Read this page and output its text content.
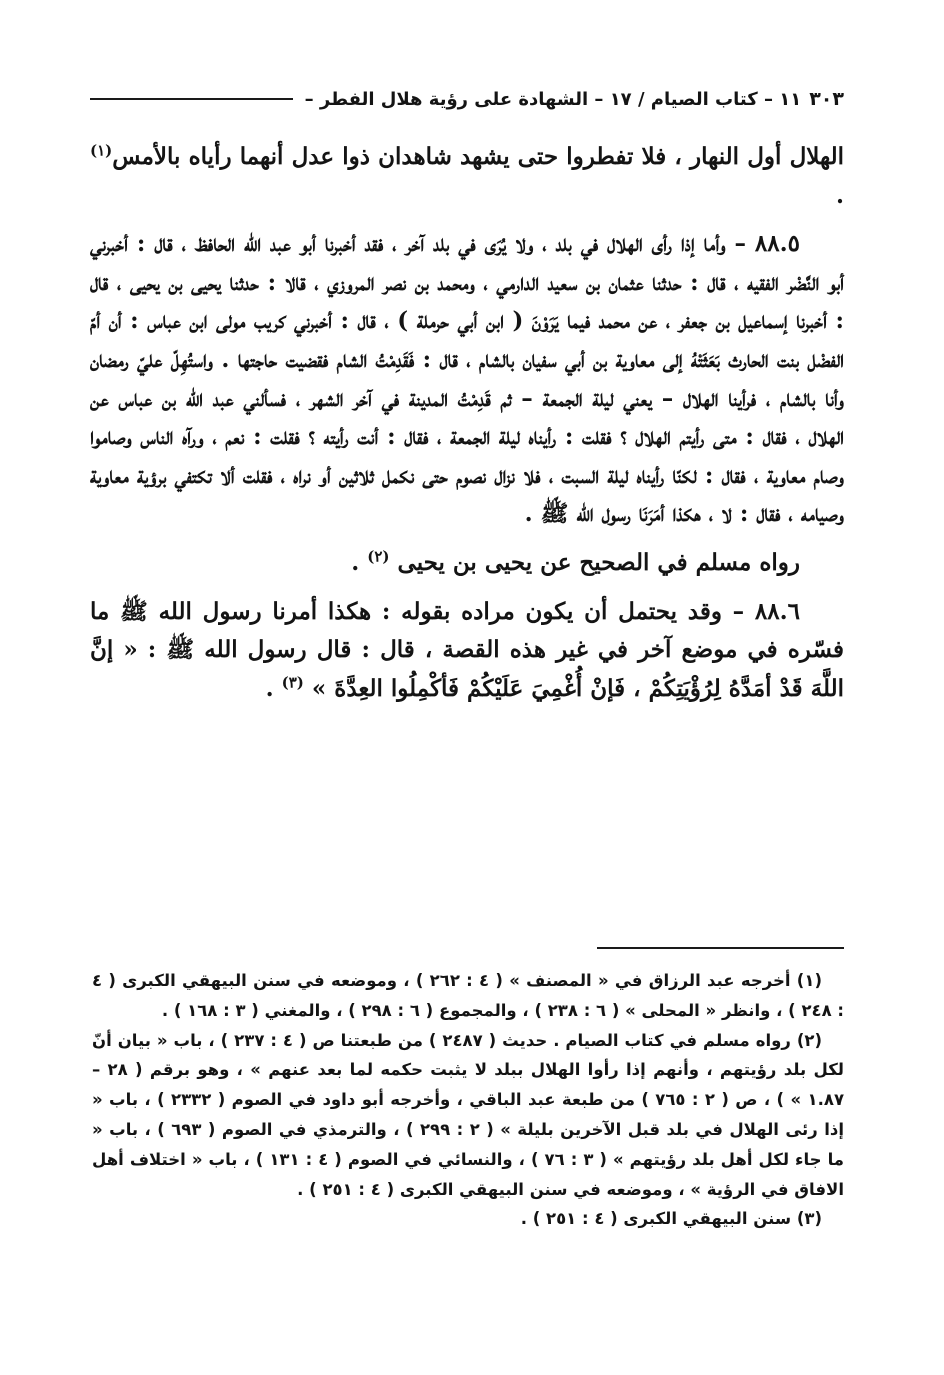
٣٠٣
١١ – كتاب الصيام / ١٧ – الشهادة على رؤية هلال الفطر –

الهلال أول النهار ، فلا تفطروا حتى يشهد شاهدان ذوا عدل أنهما رأياه بالأمس$^{(١)}$ .

٨٨.٥ – وأما إذا رأى الهلال في بلد ، ولا يُرَى في بلد آخر ، فقد أخبرنا أبو عبد الله الحافظ ، قال : أخبرني أبو النَّضْر الفقيه ، قال : حدثنا عثمان بن سعيد الدارمي ، ومحمد بن نصر المروزي ، قالا : حدثنا يحيى بن يحيى ، قال : أخبرنا إسماعيل بن جعفر ، عن محمد فيما يَرَوْنَ ( ابن أبي حرملة ) ، قال : أخبرني كريب مولى ابن عباس : أن أمّ الفضْل بنت الحارث بَعَثَتْهُ إلى معاوية بن أبي سفيان بالشام ، قال : فَقَدِمْتُ الشام فقضيت حاجتها . واستُهِلّ عليّ رمضان وأنا بالشام ، فرأينا الهلال – يعني ليلة الجمعة – ثم قَدِمْتُ المدينة في آخر الشهر ، فسألني عبد الله بن عباس عن الهلال ، فقال : متى رأيتم الهلال ؟ فقلت : رأيناه ليلة الجمعة ، فقال : أنت رأيته ؟ فقلت : نعم ، ورآه الناس وصاموا وصام معاوية ، فقال : لكنّا رأيناه ليلة السبت ، فلا نزال نصوم حتى نكمل ثلاثين أو نراه ، فقلت ألا تكتفي برؤية معاوية وصيامه ، فقال : لا ، هكذا أمَرَنَا رسول الله ﷺ .

رواه مسلم في الصحيح عن يحيى بن يحيى $^{(٢)}$ .

٨٨.٦ – وقد يحتمل أن يكون مراده بقوله : هكذا أمرنا رسول الله ﷺ ما فسّره في موضع آخر في غير هذه القصة ، قال : قال رسول الله ﷺ : « إنَّ اللَّهَ قَدْ أمَدَّهُ لِرُؤْيَتِكُمْ ، فَإنْ أُغْمِيَ عَلَيْكُمْ فَأكْمِلُوا العِدَّةَ » $^{(٣)}$ .

(١) أخرجه عبد الرزاق في « المصنف » ( ٤ : ٢٦٢ ) ، وموضعه في سنن البيهقي الكبرى ( ٤ : ٢٤٨ ) ، وانظر « المحلى » ( ٦ : ٢٣٨ ) ، والمجموع ( ٦ : ٢٩٨ ) ، والمغني ( ٣ : ١٦٨ ) .

(٢) رواه مسلم في كتاب الصيام . حديث ( ٢٤٨٧ ) من طبعتنا ص ( ٤ : ٢٣٧ ) ، باب « بيان أنّ لكل بلد رؤيتهم ، وأنهم إذا رأوا الهلال ببلد لا يثبت حكمه لما بعد عنهم » ، وهو برقم ( ٢٨ – ١.٨٧ » ) ، ص ( ٢ : ٧٦٥ ) من طبعة عبد الباقي ، وأخرجه أبو داود في الصوم ( ٢٣٣٢ ) ، باب « إذا رئى الهلال في بلد قبل الآخرين بليلة » ( ٢ : ٢٩٩ ) ، والترمذي في الصوم ( ٦٩٣ ) ، باب « ما جاء لكل أهل بلد رؤيتهم » ( ٣ : ٧٦ ) ، والنسائي في الصوم ( ٤ : ١٣١ ) ، باب « اختلاف أهل الافاق في الرؤية » ، وموضعه في سنن البيهقي الكبرى ( ٤ : ٢٥١ ) .

(٣) سنن البيهقي الكبرى ( ٤ : ٢٥١ ) .
